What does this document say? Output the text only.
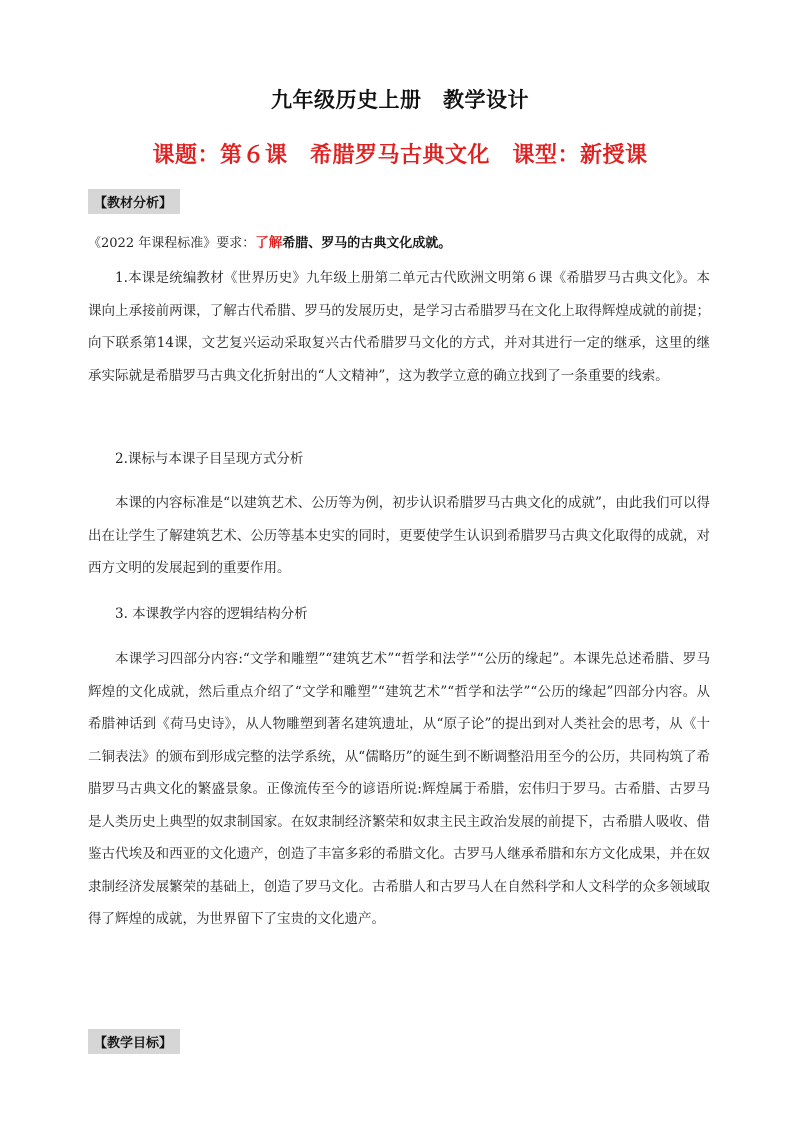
九年级历史上册　教学设计
课题：第６课　希腊罗马古典文化　课型：新授课
【教材分析】
《2022 年课程标准》要求：了解希腊、罗马的古典文化成就。

1.本课是统编教材《世界历史》九年级上册第二单元古代欧洲文明第６课《希腊罗马古典文化》。本课向上承接前两课，了解古代希腊、罗马的发展历史，是学习古希腊罗马在文化上取得辉煌成就的前提；向下联系第14课，文艺复兴运动采取复兴古代希腊罗马文化的方式，并对其进行一定的继承，这里的继承实际就是希腊罗马古典文化折射出的“人文精神”，这为教学立意的确立找到了一条重要的线索。

2.课标与本课子目呈现方式分析

本课的内容标准是“以建筑艺术、公历等为例，初步认识希腊罗马古典文化的成就”，由此我们可以得出在让学生了解建筑艺术、公历等基本史实的同时，更要使学生认识到希腊罗马古典文化取得的成就，对西方文明的发展起到的重要作用。

3. 本课教学内容的逻辑结构分析

本课学习四部分内容:“文学和雕塑”“建筑艺术”“哲学和法学”“公历的缘起”。本课先总述希腊、罗马辉煌的文化成就，然后重点介绍了“文学和雕塑”“建筑艺术”“哲学和法学”“公历的缘起”四部分内容。从希腊神话到《荷马史诗》，从人物雕塑到著名建筑遗址，从“原子论”的提出到对人类社会的思考，从《十二铜表法》的颁布到形成完整的法学系统，从“儒略历”的诞生到不断调整沿用至今的公历，共同构筑了希腊罗马古典文化的繁盛景象。正像流传至今的谚语所说:辉煌属于希腊，宏伟归于罗马。古希腊、古罗马是人类历史上典型的奴隶制国家。在奴隶制经济繁荣和奴隶主民主政治发展的前提下，古希腊人吸收、借鉴古代埃及和西亚的文化遗产，创造了丰富多彩的希腊文化。古罗马人继承希腊和东方文化成果，并在奴隶制经济发展繁荣的基础上，创造了罗马文化。古希腊人和古罗马人在自然科学和人文科学的众多领域取得了辉煌的成就，为世界留下了宝贵的文化遗产。

【教学目标】
